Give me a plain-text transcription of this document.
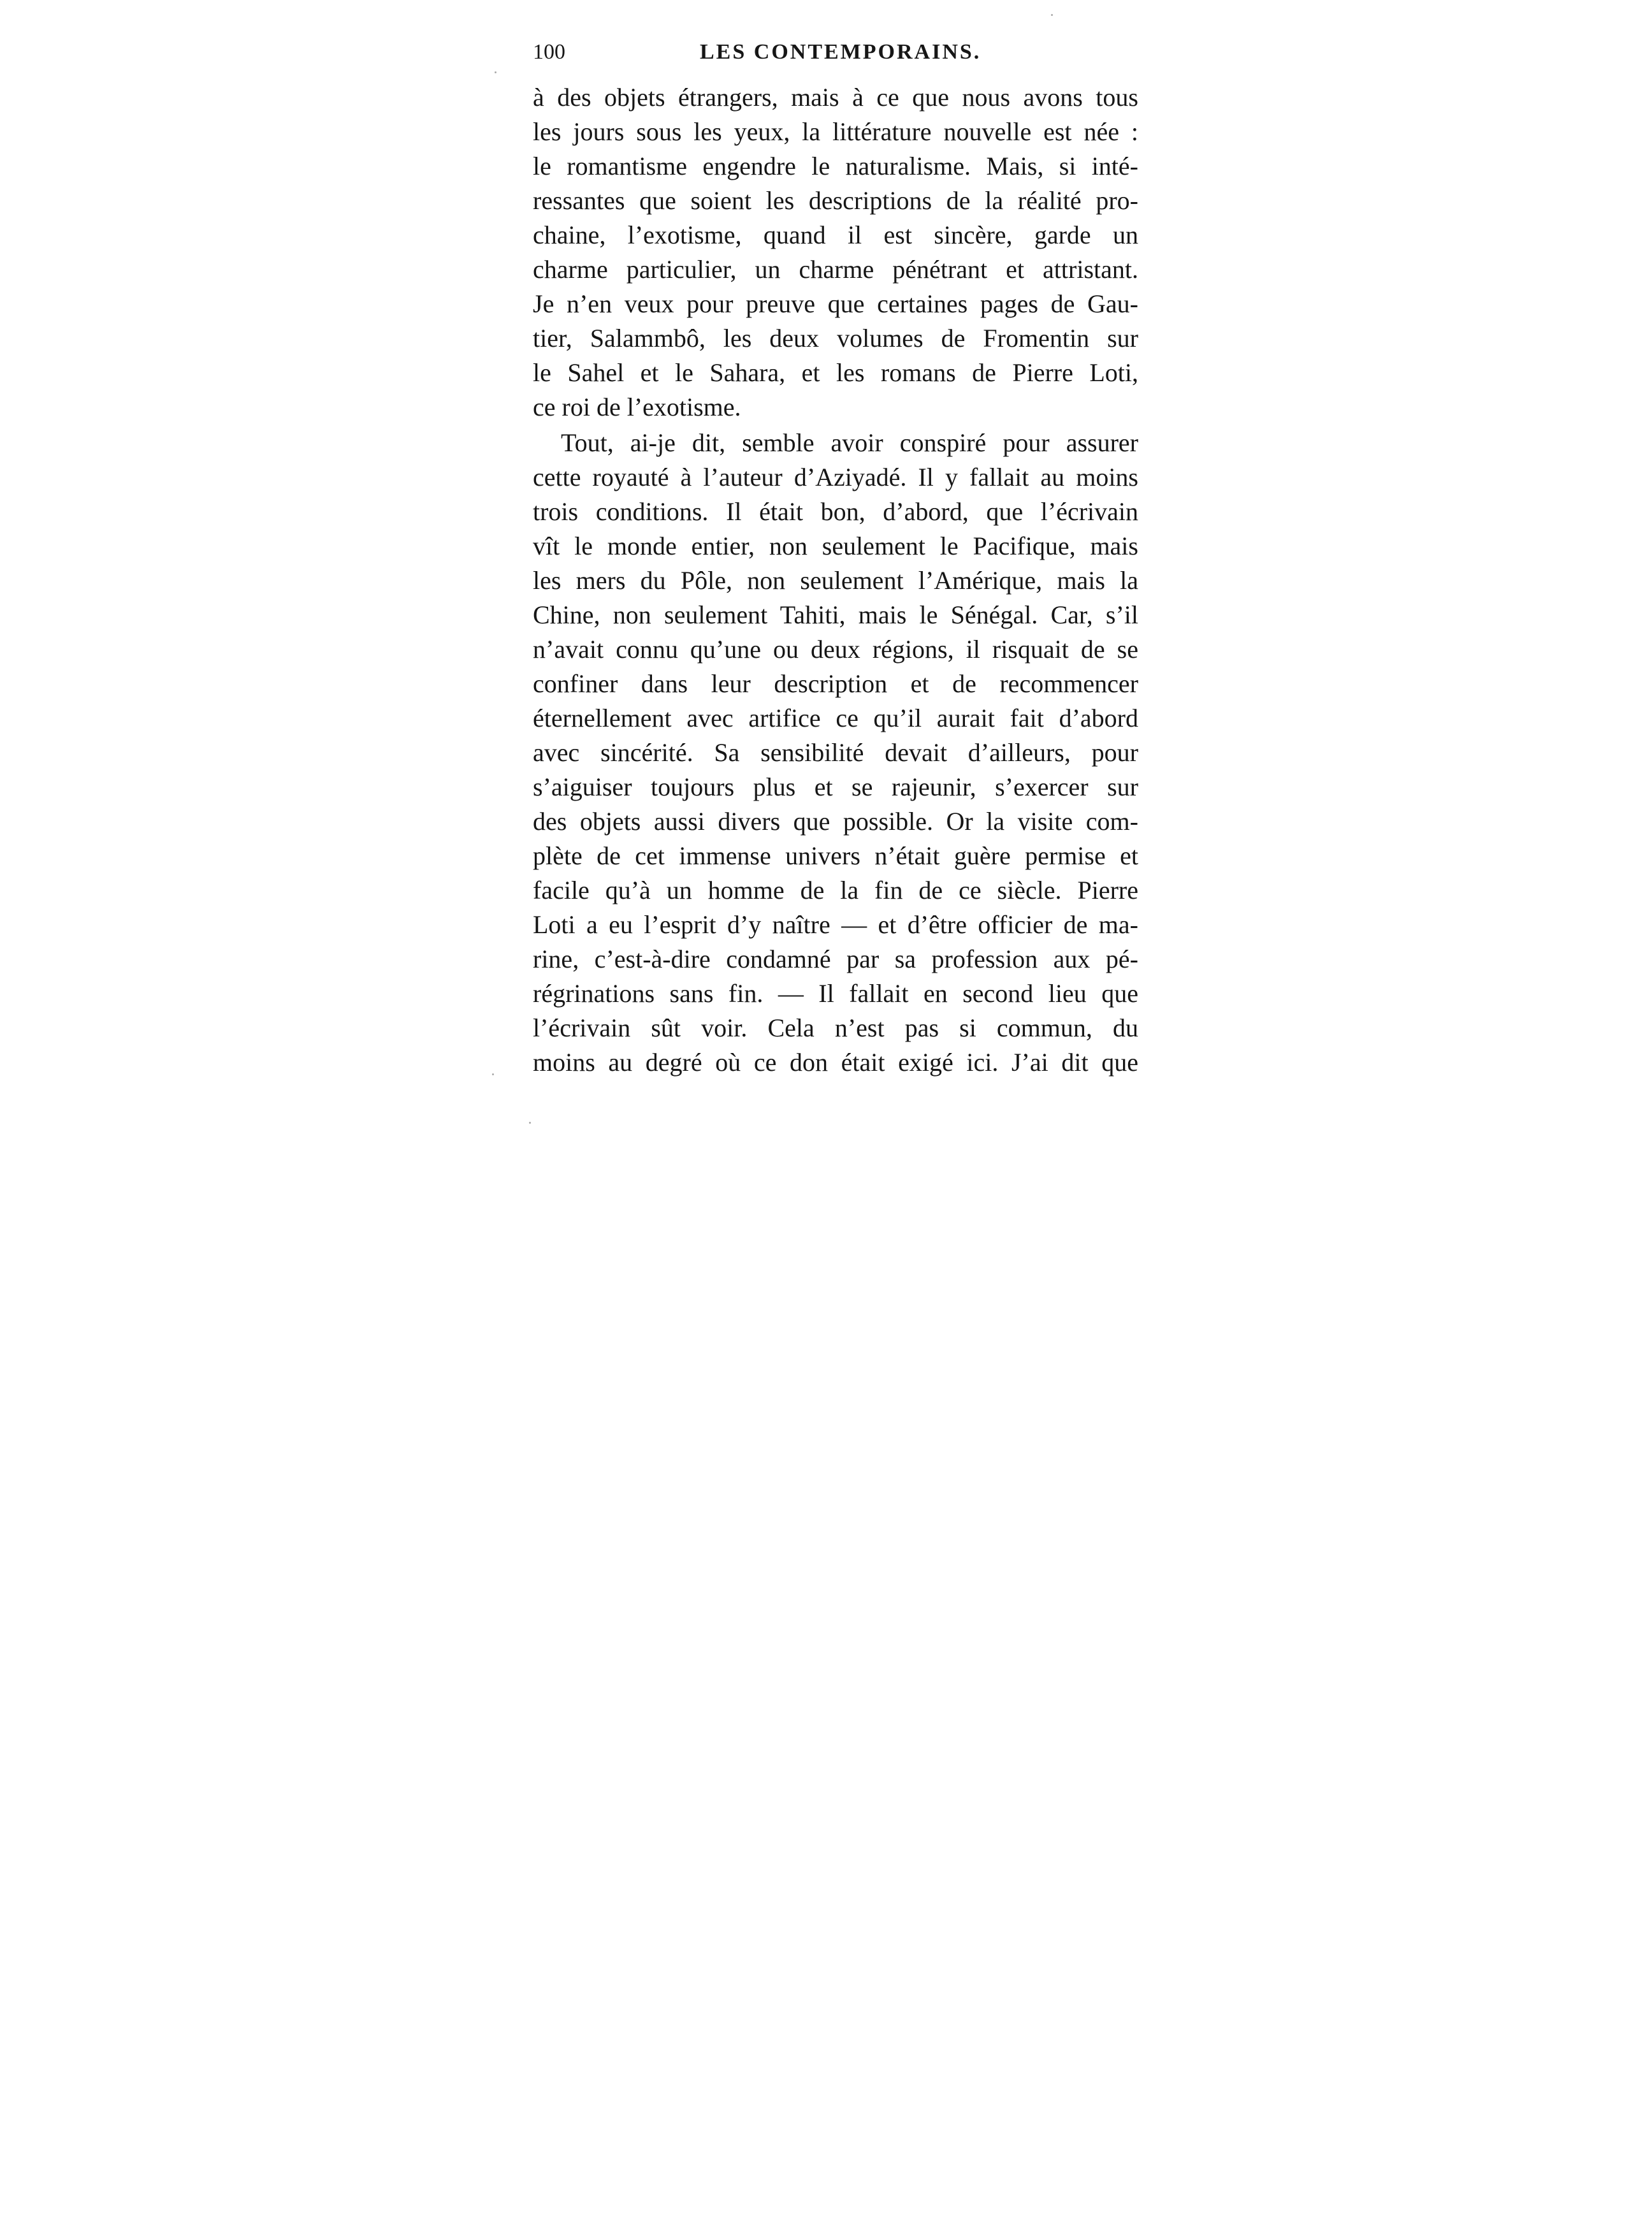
100	LES CONTEMPORAINS.
à des objets étrangers, mais à ce que nous avons tous
les jours sous les yeux, la littérature nouvelle est née :
le romantisme engendre le naturalisme. Mais, si inté-
ressantes que soient les descriptions de la réalité pro-
chaine, l’exotisme, quand il est sincère, garde un
charme particulier, un charme pénétrant et attristant.
Je n’en veux pour preuve que certaines pages de Gau-
tier, Salammbô, les deux volumes de Fromentin sur
le Sahel et le Sahara, et les romans de Pierre Loti,
ce roi de l’exotisme.
Tout, ai-je dit, semble avoir conspiré pour assurer
cette royauté à l’auteur d’Aziyadé. Il y fallait au moins
trois conditions. Il était bon, d’abord, que l’écrivain
vît le monde entier, non seulement le Pacifique, mais
les mers du Pôle, non seulement l’Amérique, mais la
Chine, non seulement Tahiti, mais le Sénégal. Car, s’il
n’avait connu qu’une ou deux régions, il risquait de se
confiner dans leur description et de recommencer
éternellement avec artifice ce qu’il aurait fait d’abord
avec sincérité. Sa sensibilité devait d’ailleurs, pour
s’aiguiser toujours plus et se rajeunir, s’exercer sur
des objets aussi divers que possible. Or la visite com-
plète de cet immense univers n’était guère permise et
facile qu’à un homme de la fin de ce siècle. Pierre
Loti a eu l’esprit d’y naître — et d’être officier de ma-
rine, c’est-à-dire condamné par sa profession aux pé-
régrinations sans fin. — Il fallait en second lieu que
l’écrivain sût voir. Cela n’est pas si commun, du
moins au degré où ce don était exigé ici. J’ai dit que
